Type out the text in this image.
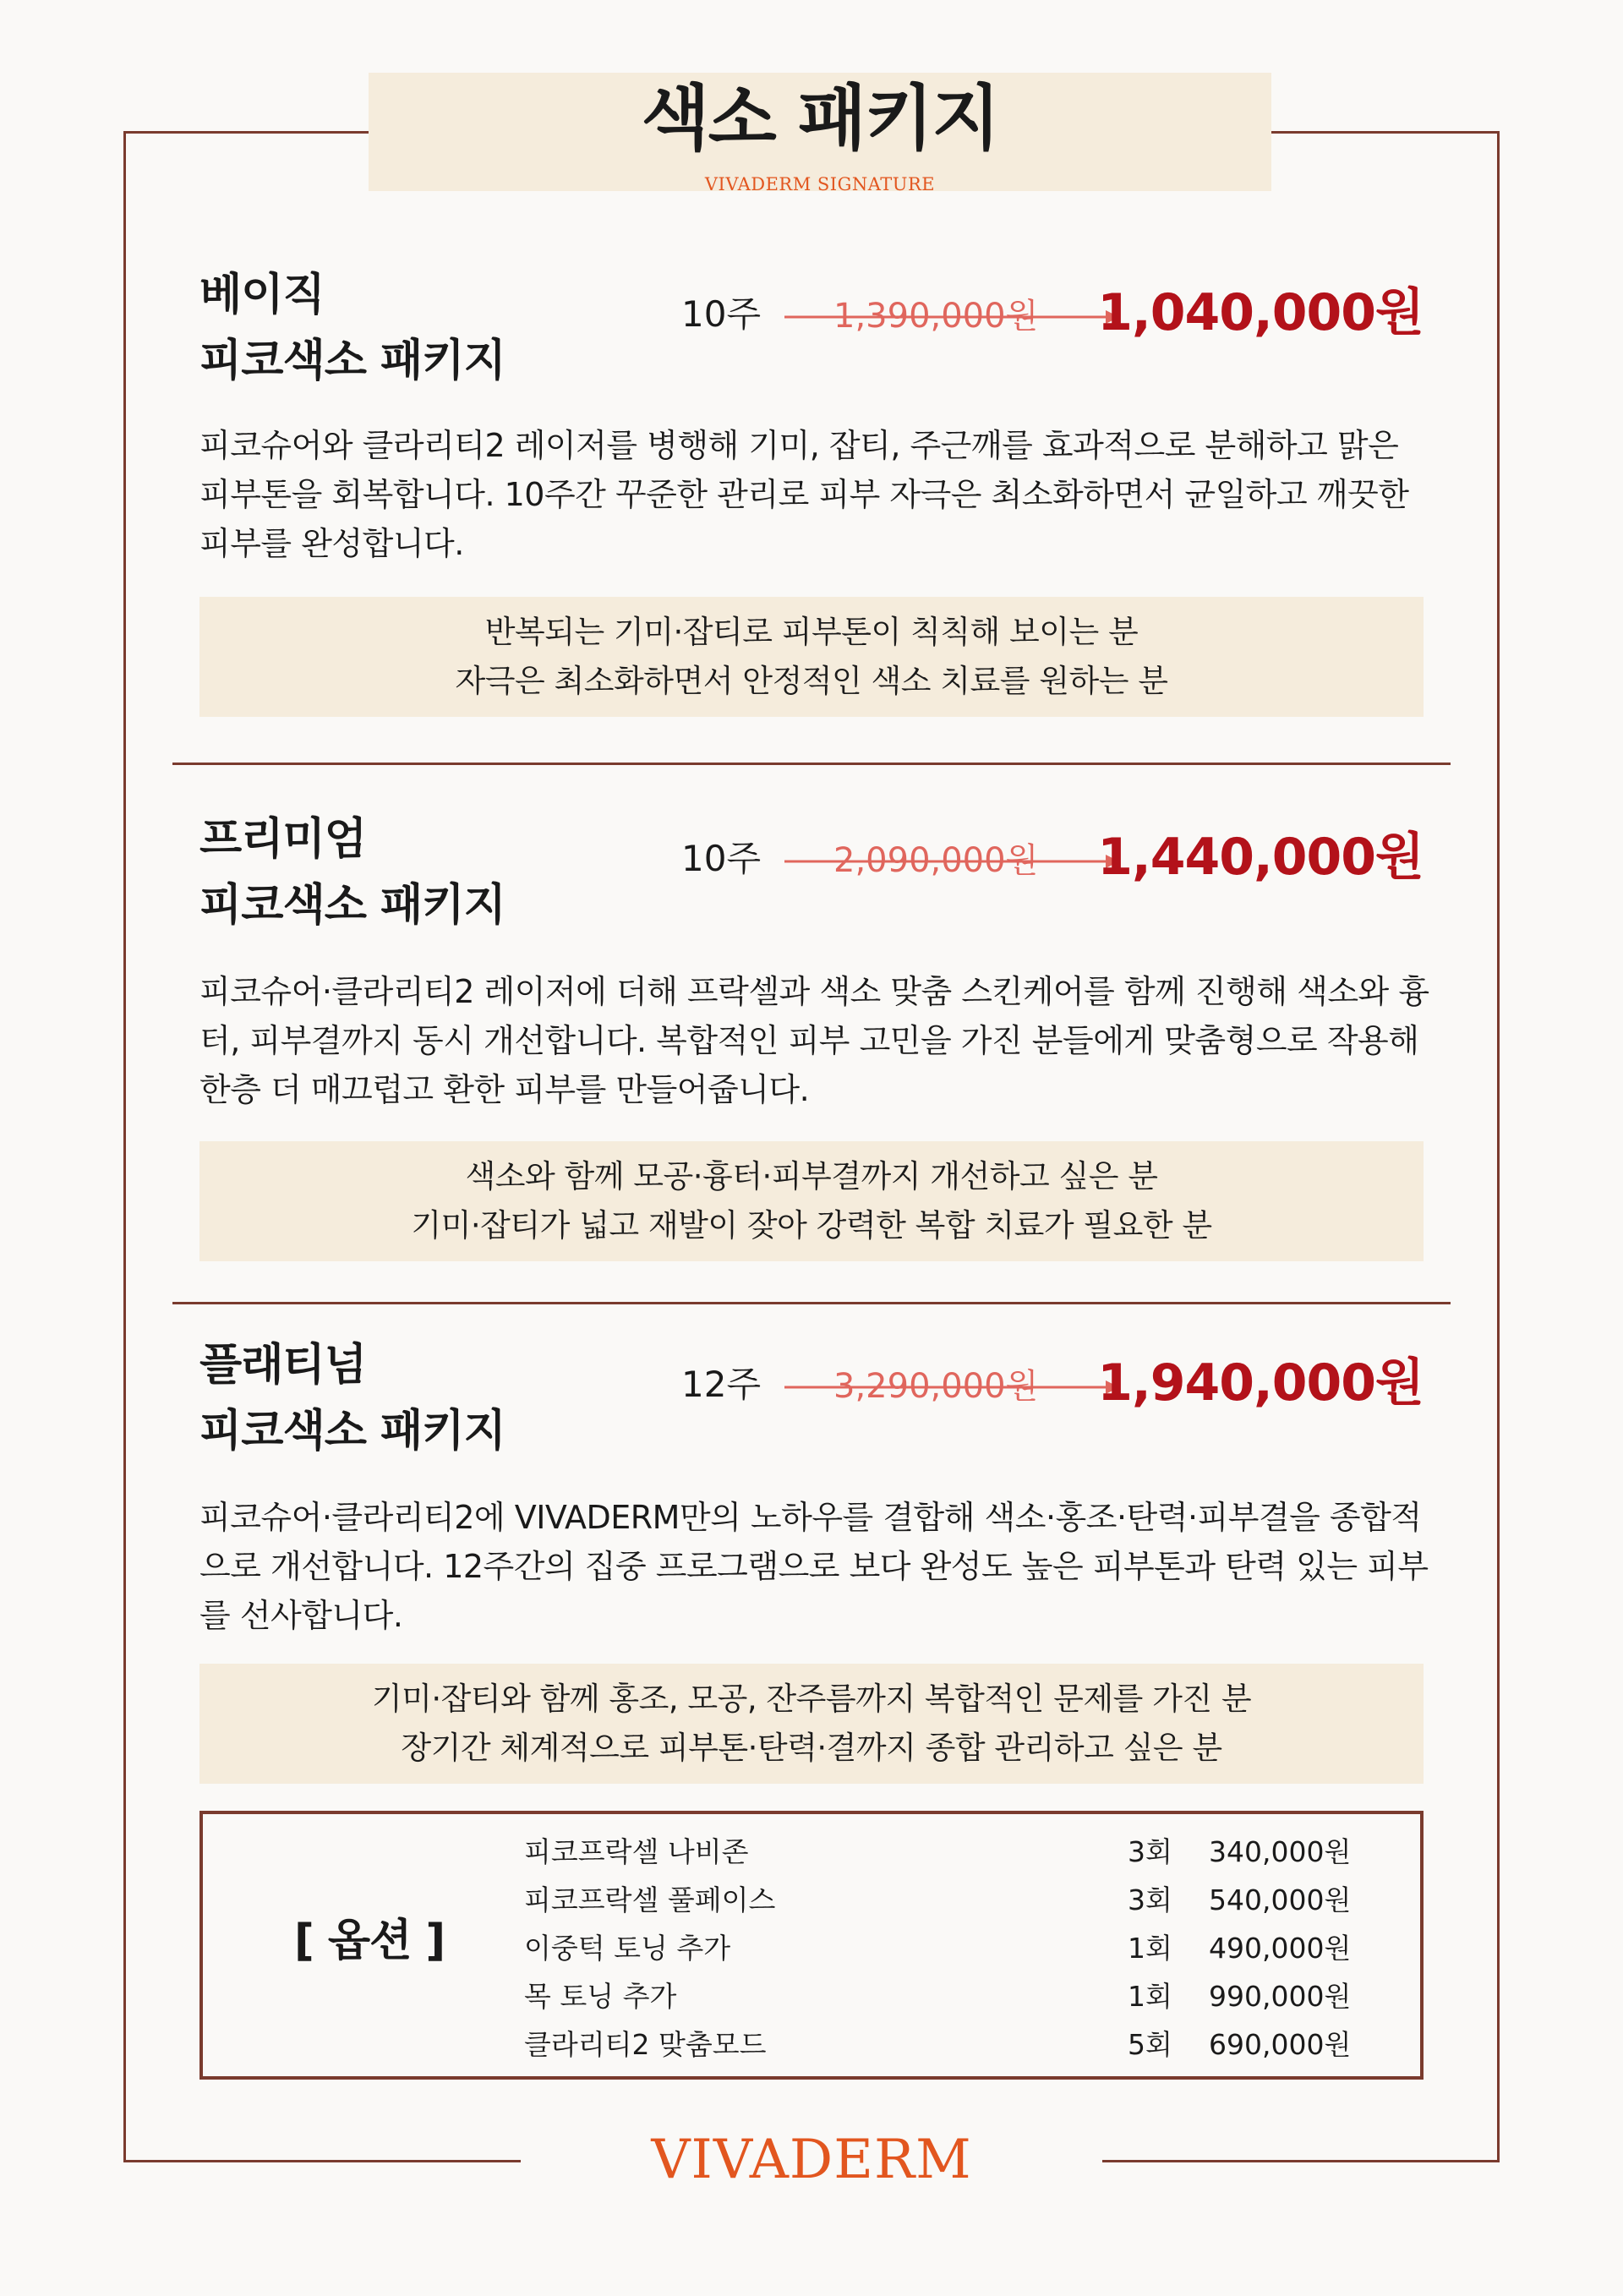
색소 패키지
VIVADERM SIGNATURE
베이직
피코색소 패키지
10주 1,390,000원 1,040,000원
피코슈어와 클라리티2 레이저를 병행해 기미, 잡티, 주근깨를 효과적으로 분해하고 맑은
피부톤을 회복합니다. 10주간 꾸준한 관리로 피부 자극은 최소화하면서 균일하고 깨끗한
피부를 완성합니다.
반복되는 기미·잡티로 피부톤이 칙칙해 보이는 분
자극은 최소화하면서 안정적인 색소 치료를 원하는 분
프리미엄
피코색소 패키지
10주 2,090,000원 1,440,000원
피코슈어·클라리티2 레이저에 더해 프락셀과 색소 맞춤 스킨케어를 함께 진행해 색소와 흉
터, 피부결까지 동시 개선합니다. 복합적인 피부 고민을 가진 분들에게 맞춤형으로 작용해
한층 더 매끄럽고 환한 피부를 만들어줍니다.
색소와 함께 모공·흉터·피부결까지 개선하고 싶은 분
기미·잡티가 넓고 재발이 잦아 강력한 복합 치료가 필요한 분
플래티넘
피코색소 패키지
12주 3,290,000원 1,940,000원
피코슈어·클라리티2에 VIVADERM만의 노하우를 결합해 색소·홍조·탄력·피부결을 종합적
으로 개선합니다. 12주간의 집중 프로그램으로 보다 완성도 높은 피부톤과 탄력 있는 피부
를 선사합니다.
기미·잡티와 함께 홍조, 모공, 잔주름까지 복합적인 문제를 가진 분
장기간 체계적으로 피부톤·탄력·결까지 종합 관리하고 싶은 분
[ 옵션 ]
피코프락셀 나비존	3회 340,000원
피코프락셀 풀페이스	3회 540,000원
이중턱 토닝 추가	1회 490,000원
목 토닝 추가	1회 990,000원
클라리티2 맞춤모드	5회 690,000원
VIVADERM
